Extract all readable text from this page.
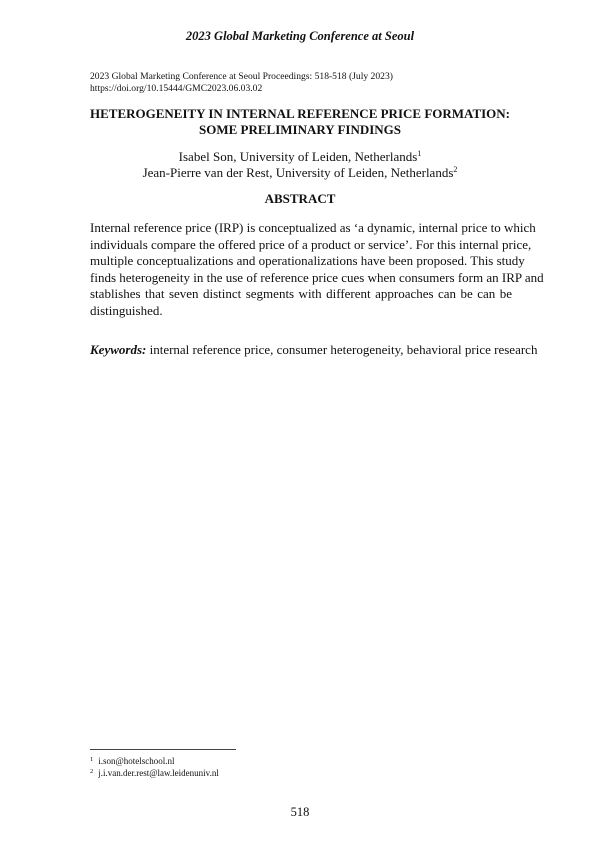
2023 Global Marketing Conference at Seoul
2023 Global Marketing Conference at Seoul Proceedings: 518-518 (July 2023)
https://doi.org/10.15444/GMC2023.06.03.02
HETEROGENEITY IN INTERNAL REFERENCE PRICE FORMATION:
SOME PRELIMINARY FINDINGS
Isabel Son, University of Leiden, Netherlands$^1$
Jean-Pierre van der Rest, University of Leiden, Netherlands$^2$
ABSTRACT
Internal reference price (IRP) is conceptualized as ‘a dynamic, internal price to which
individuals compare the offered price of a product or service’. For this internal price,
multiple conceptualizations and operationalizations have been proposed. This study
finds heterogeneity in the use of reference price cues when consumers form an IRP and
stablishes that seven distinct segments with different approaches can be can be
distinguished.
Keywords: internal reference price, consumer heterogeneity, behavioral price research
$^1$ i.son@hotelschool.nl
$^2$ j.i.van.der.rest@law.leidenuniv.nl
518
